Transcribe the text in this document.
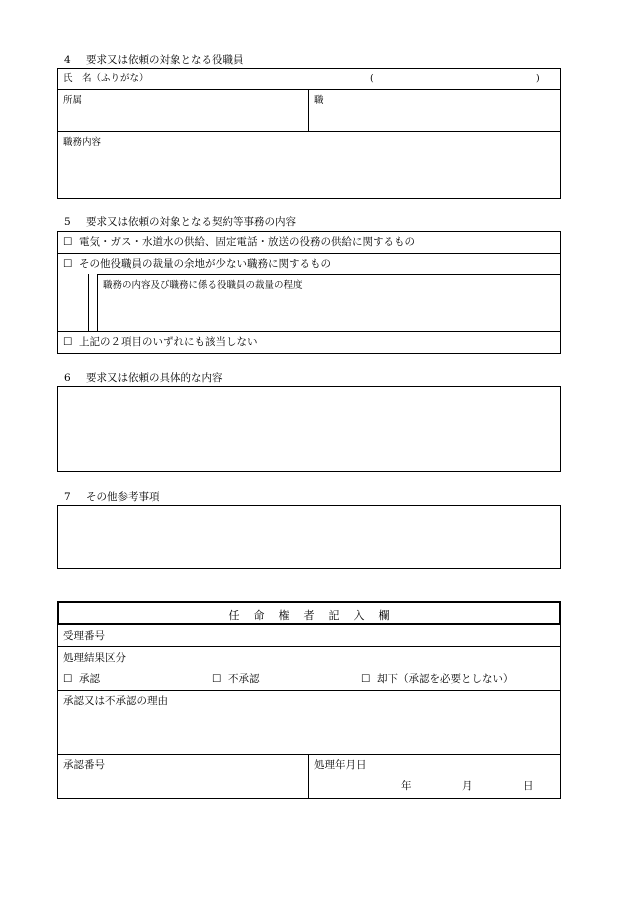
4 要求又は依頼の対象となる役職員
氏　名（ふりがな）	(	)
所属	職
職務内容
5 要求又は依頼の対象となる契約等事務の内容
☐ 電気・ガス・水道水の供給、固定電話・放送の役務の供給に関するもの
☐ その他役職員の裁量の余地が少ない職務に関するもの
職務の内容及び職務に係る役職員の裁量の程度
☐ 上記の２項目のいずれにも該当しない
6 要求又は依頼の具体的な内容
7 その他参考事項
任命権者記入欄
受理番号
処理結果区分
☐ 承認	☐ 不承認	☐ 却下（承認を必要としない）
承認又は不承認の理由
承認番号	処理年月日
年	月	日
